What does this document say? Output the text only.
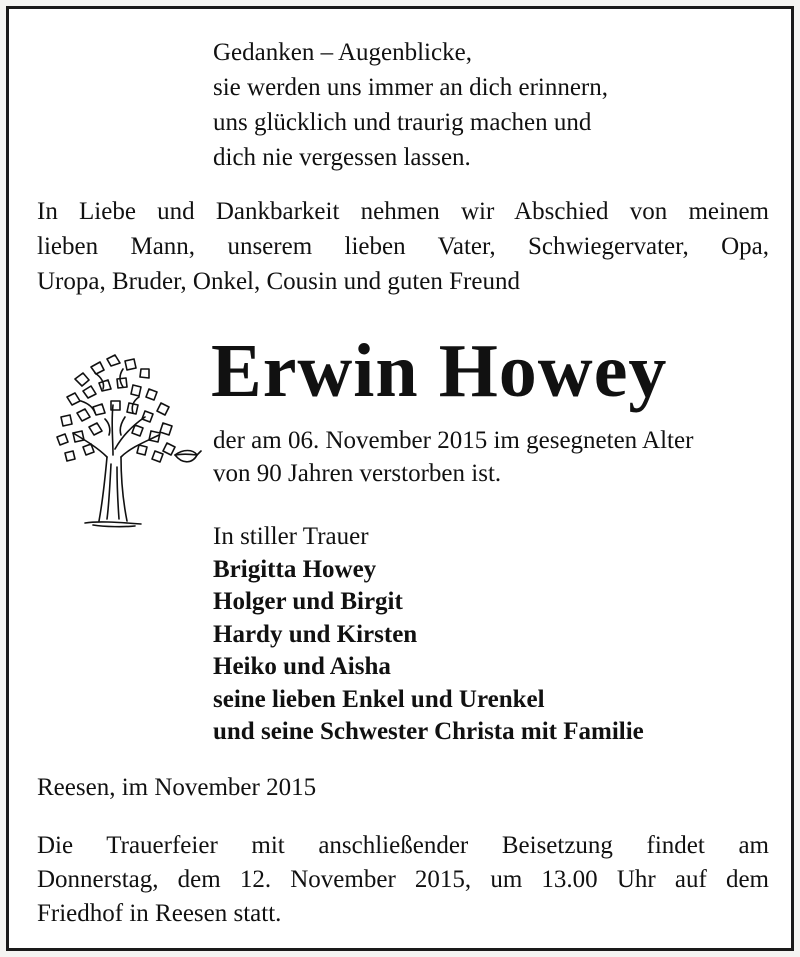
Gedanken – Augenblicke,
sie werden uns immer an dich erinnern,
uns glücklich und traurig machen und
dich nie vergessen lassen.
In Liebe und Dankbarkeit nehmen wir Abschied von meinem
lieben Mann, unserem lieben Vater, Schwiegervater, Opa,
Uropa, Bruder, Onkel, Cousin und guten Freund
Erwin Howey
der am 06. November 2015 im gesegneten Alter
von 90 Jahren verstorben ist.
In stiller Trauer
Brigitta Howey
Holger und Birgit
Hardy und Kirsten
Heiko und Aisha
seine lieben Enkel und Urenkel
und seine Schwester Christa mit Familie
Reesen, im November 2015
Die Trauerfeier mit anschließender Beisetzung findet am
Donnerstag, dem 12. November 2015, um 13.00 Uhr auf dem
Friedhof in Reesen statt.
